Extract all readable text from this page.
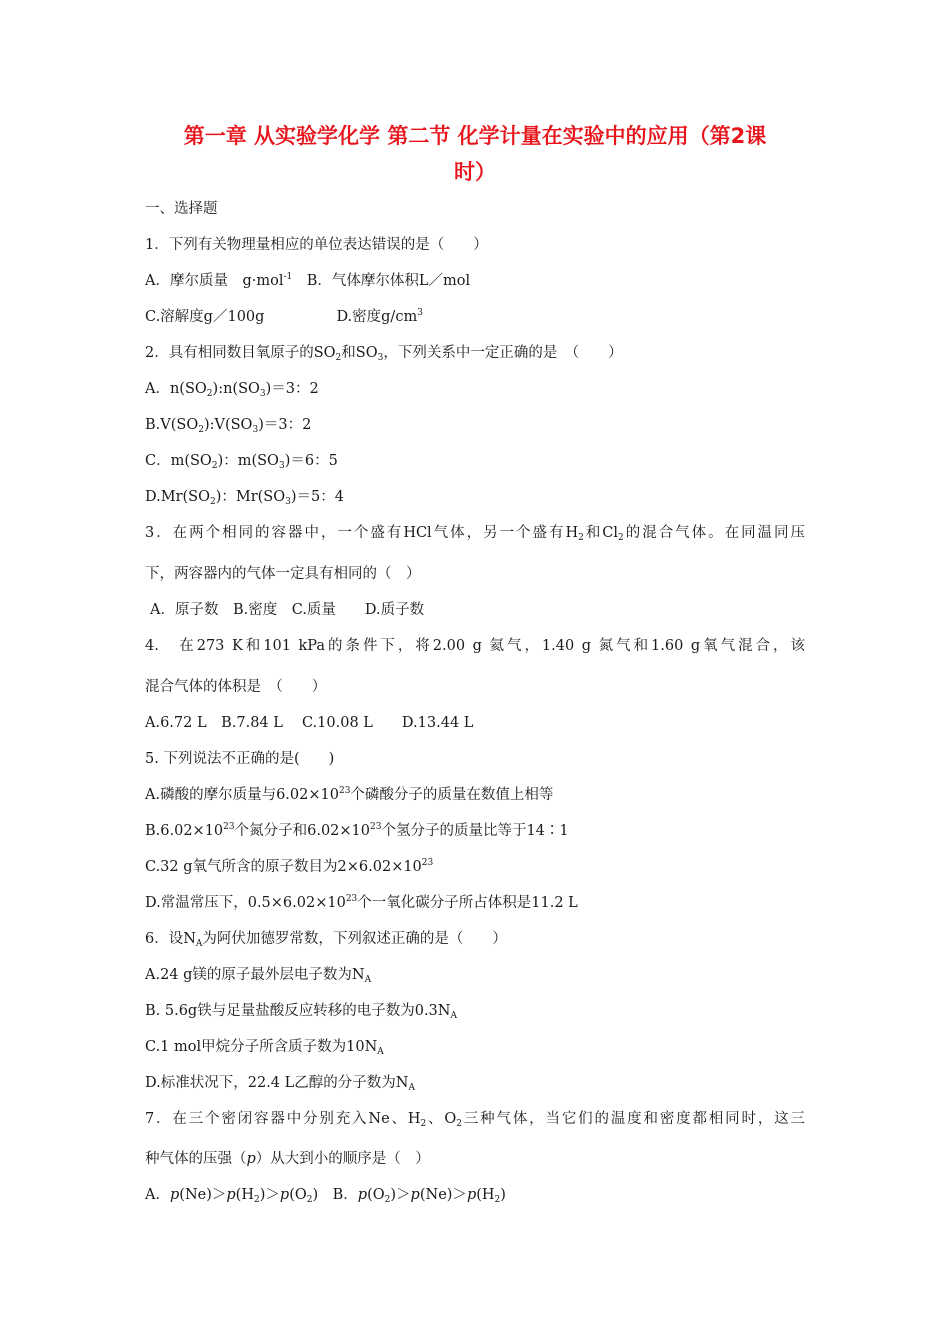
第一章 从实验学化学 第二节 化学计量在实验中的应用（第2课
时）
一、选择题
1．下列有关物理量相应的单位表达错误的是（　　）
A．摩尔质量　g·mol$^{-1}$　B．气体摩尔体积L／mol
C.溶解度g／100g	D.密度$g/cm^3$
2．具有相同数目氧原子的$SO_2$和$SO_3$，下列关系中一定正确的是　（　　）
A．$n(SO_2):n(SO_3)=3$：2
$B.V(SO_2):V(SO_3)=3$：2
C．$m(SO_2)$：$m(SO_3)=6$：5
$D.Mr(SO_2)$：$Mr(SO_3)=5$：4
3．在两个相同的容器中，一个盛有HCl气体，另一个盛有$H_2$和$Cl_2$的混合气体。在同温同压
下，两容器内的气体一定具有相同的（　）
A．原子数　B.密度　C.质量　　D.质子数
4.　在273 K和101 kPa的条件下，将2.00 g 氦气，1.40 g 氮气和1.60 g氧气混合，该
混合气体的体积是　（　　）
A.6.72 L　B.7.84 L　 C.10.08 L　　D.13.44 L
5. 下列说法不正确的是(　　)
A.磷酸的摩尔质量与$6.02\times 10^{23}$个磷酸分子的质量在数值上相等
$B.6.02\times 10^{23}$个氮分子和$6.02\times 10^{23}$个氢分子的质量比等于14∶1
C.32 g氧气所含的原子数目为$2\times 6.02\times 10^{23}$
D.常温常压下，$0.5\times 6.02\times 10^{23}$个一氧化碳分子所占体积是11.2 L
6．设$N_A$为阿伏加德罗常数，下列叙述正确的是（　　）
A.24 g镁的原子最外层电子数为$N_A$
B. 5.6g铁与足量盐酸反应转移的电子数为$0.3N_A$
C.1 mol甲烷分子所含质子数为$10N_A$
D.标准状况下，22.4 L乙醇的分子数为$N_A$
7．在三个密闭容器中分别充入Ne、$H_2$、$O_2$三种气体，当它们的温度和密度都相同时，这三
种气体的压强（p）从大到小的顺序是（　）
A．$p(Ne)>p(H_2)>p(O_2)$　B．$p(O_2)>p(Ne)>p(H_2)$
